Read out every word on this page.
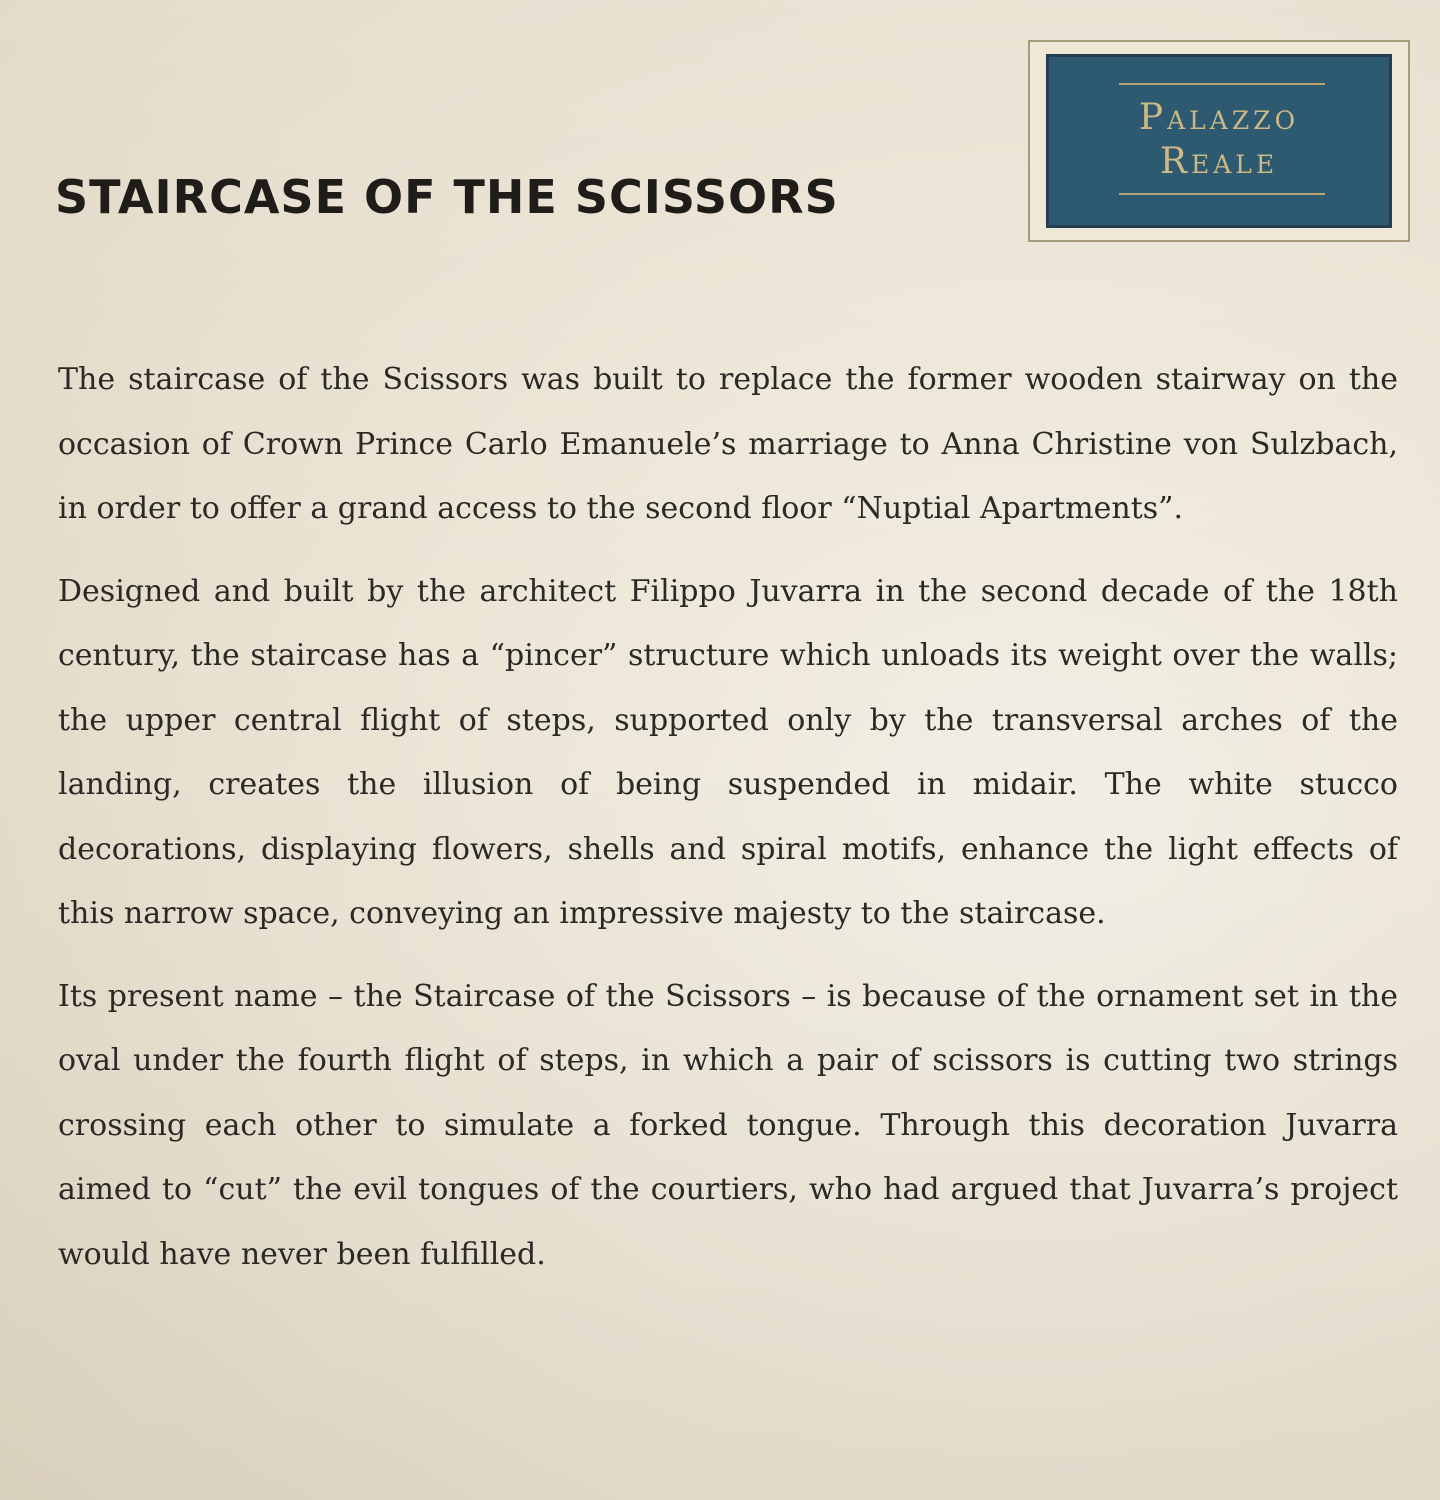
STAIRCASE OF THE SCISSORS
Palazzo
Reale

The staircase of the Scissors was built to replace the former wooden stairway on the occasion of Crown Prince Carlo Emanuele’s marriage to Anna Christine von Sulzbach, in order to offer a grand access to the second floor “Nuptial Apartments”.

Designed and built by the architect Filippo Juvarra in the second decade of the 18th century, the staircase has a “pincer” structure which unloads its weight over the walls; the upper central flight of steps, supported only by the transversal arches of the landing, creates the illusion of being suspended in midair. The white stucco decorations, displaying flowers, shells and spiral motifs, enhance the light effects of this narrow space, conveying an impressive majesty to the staircase.

Its present name – the Staircase of the Scissors – is because of the ornament set in the oval under the fourth flight of steps, in which a pair of scissors is cutting two strings crossing each other to simulate a forked tongue. Through this decoration Juvarra aimed to “cut” the evil tongues of the courtiers, who had argued that Juvarra’s project would have never been fulfilled.
